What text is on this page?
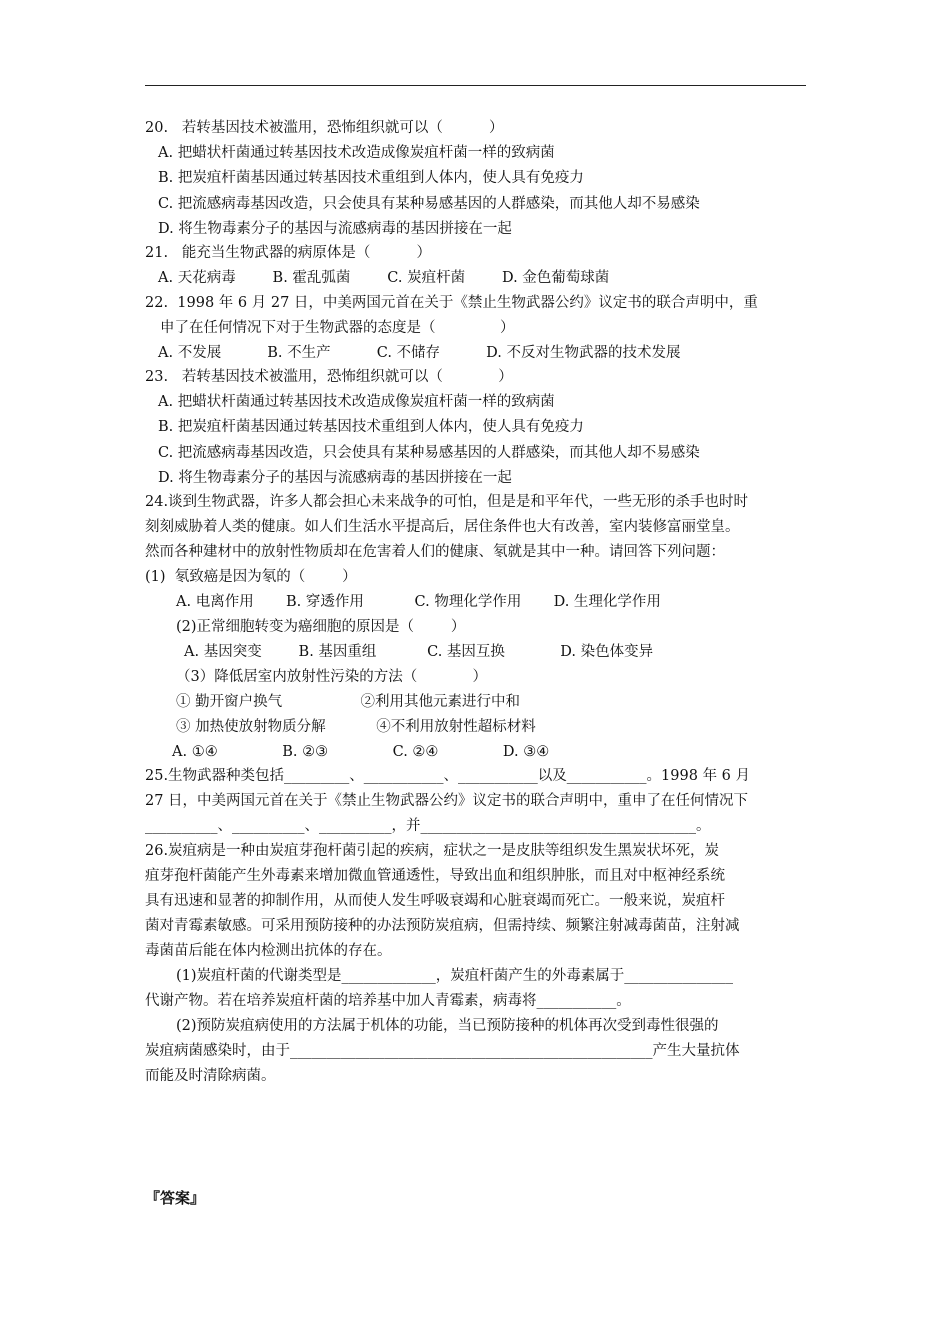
20.   若转基因技术被滥用，恐怖组织就可以（          ）
A. 把蜡状杆菌通过转基因技术改造成像炭疽杆菌一样的致病菌
B. 把炭疽杆菌基因通过转基因技术重组到人体内，使人具有免疫力
C. 把流感病毒基因改造，只会使具有某种易感基因的人群感染，而其他人却不易感染
D. 将生物毒素分子的基因与流感病毒的基因拼接在一起
21.   能充当生物武器的病原体是（          ）
A. 天花病毒        B. 霍乱弧菌        C. 炭疽杆菌        D. 金色葡萄球菌
22.  1998 年 6 月 27 日，中美两国元首在关于《禁止生物武器公约》议定书的联合声明中，重
申了在任何情况下对于生物武器的态度是（              ）
A. 不发展          B. 不生产          C. 不储存          D. 不反对生物武器的技术发展
23.   若转基因技术被滥用，恐怖组织就可以（            ）
A. 把蜡状杆菌通过转基因技术改造成像炭疽杆菌一样的致病菌
B. 把炭疽杆菌基因通过转基因技术重组到人体内，使人具有免疫力
C. 把流感病毒基因改造，只会使具有某种易感基因的人群感染，而其他人却不易感染
D. 将生物毒素分子的基因与流感病毒的基因拼接在一起
24.谈到生物武器，许多人都会担心未来战争的可怕，但是是和平年代，一些无形的杀手也时时
刻刻威胁着人类的健康。如人们生活水平提高后，居住条件也大有改善，室内装修富丽堂皇。
然而各种建材中的放射性物质却在危害着人们的健康、氡就是其中一种。请回答下列问题：
(1)  氡致癌是因为氡的（        ）
A. 电离作用       B. 穿透作用           C. 物理化学作用       D. 生理化学作用
(2)正常细胞转变为癌细胞的原因是（        ）
A. 基因突变        B. 基因重组           C. 基因互换            D. 染色体变异
（3）降低居室内放射性污染的方法（            ）
① 勤开窗户换气                 ②利用其他元素进行中和
③ 加热使放射物质分解           ④不利用放射性超标材料
A. ①④              B. ②③              C. ②④              D. ③④
25.生物武器种类包括_________、___________、___________以及___________。1998 年 6 月
27 日，中美两国元首在关于《禁止生物武器公约》议定书的联合声明中，重申了在任何情况下
__________、__________、__________，并______________________________________。
26.炭疽病是一种由炭疽芽孢杆菌引起的疾病，症状之一是皮肤等组织发生黑炭状坏死，炭
疽芽孢杆菌能产生外毒素来增加微血管通透性，导致出血和组织肿胀，而且对中枢神经系统
具有迅速和显著的抑制作用，从而使人发生呼吸衰竭和心脏衰竭而死亡。一般来说，炭疽杆
菌对青霉素敏感。可采用预防接种的办法预防炭疽病，但需持续、频繁注射减毒菌苗，注射减
毒菌苗后能在体内检测出抗体的存在。
(1)炭疽杆菌的代谢类型是_____________，炭疽杆菌产生的外毒素属于_______________
代谢产物。若在培养炭疽杆菌的培养基中加人青霉素，病毒将___________。
(2)预防炭疽病使用的方法属于机体的功能，当已预防接种的机体再次受到毒性很强的
炭疽病菌感染时，由于__________________________________________________产生大量抗体
而能及时清除病菌。
『答案』
